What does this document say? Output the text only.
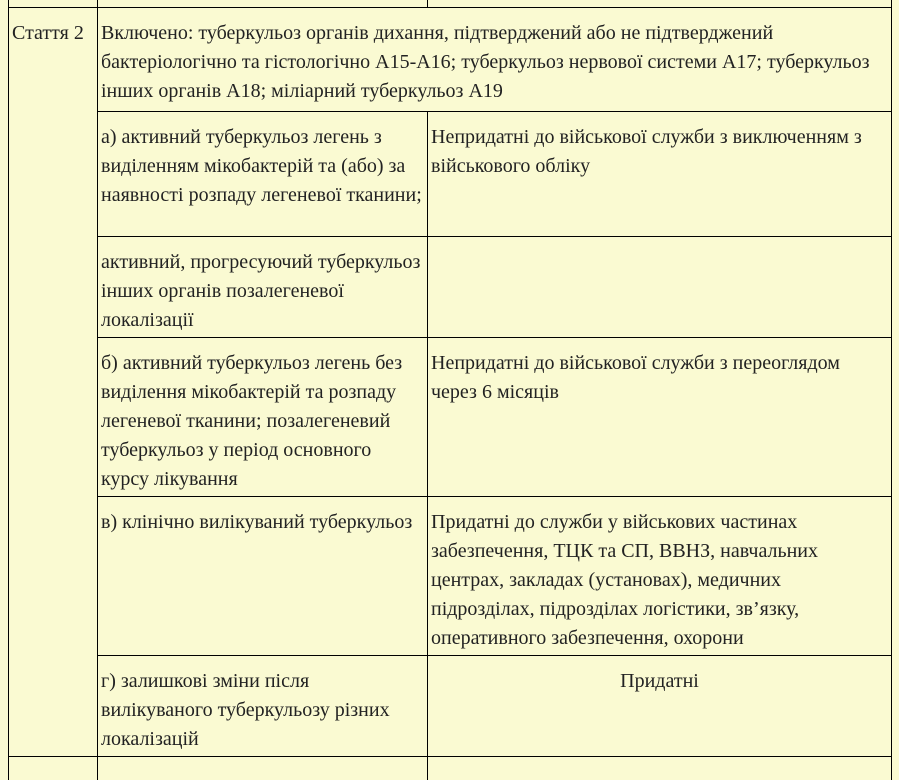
Стаття 2	Включено: туберкульоз органів дихання, підтверджений або не підтверджений бактеріологічно та гістологічно А15-А16; туберкульоз нервової системи А17; туберкульоз інших органів А18; міліарний туберкульоз А19	
	а) активний туберкульоз легень з виділенням мікобактерій та (або) за наявності розпаду легеневої тканини;	Непридатні до військової служби з виключенням з військового обліку
	активний, прогресуючий туберкульоз інших органів позалегеневої локалізації	
	б) активний туберкульоз легень без виділення мікобактерій та розпаду легеневої тканини; позалегеневий туберкульоз у період основного курсу лікування	Непридатні до військової служби з переоглядом через 6 місяців
	в) клінічно вилікуваний туберкульоз	Придатні до служби у військових частинах забезпечення, ТЦК та СП, ВВНЗ, навчальних центрах, закладах (установах), медичних підрозділах, підрозділах логістики, зв’язку, оперативного забезпечення, охорони
	г) залишкові зміни після вилікуваного туберкульозу різних локалізацій	Придатні
